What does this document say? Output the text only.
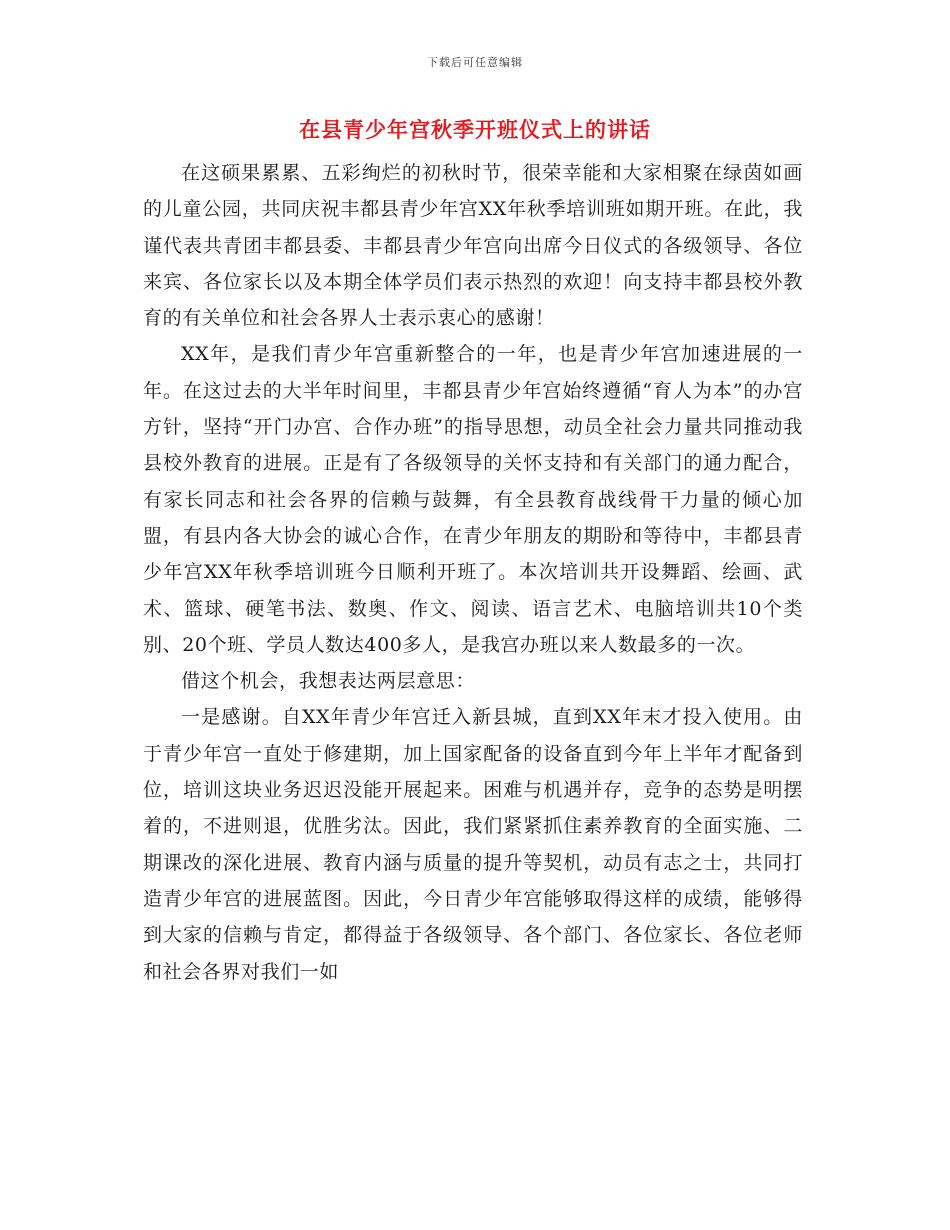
下载后可任意编辑
在县青少年宫秋季开班仪式上的讲话

在这硕果累累、五彩绚烂的初秋时节，很荣幸能和大家相聚在绿茵如画的儿童公园，共同庆祝丰都县青少年宫XX年秋季培训班如期开班。在此，我谨代表共青团丰都县委、丰都县青少年宫向出席今日仪式的各级领导、各位来宾、各位家长以及本期全体学员们表示热烈的欢迎！向支持丰都县校外教育的有关单位和社会各界人士表示衷心的感谢！

XX年，是我们青少年宫重新整合的一年，也是青少年宫加速进展的一年。在这过去的大半年时间里，丰都县青少年宫始终遵循“育人为本”的办宫方针，坚持“开门办宫、合作办班”的指导思想，动员全社会力量共同推动我县校外教育的进展。正是有了各级领导的关怀支持和有关部门的通力配合，有家长同志和社会各界的信赖与鼓舞，有全县教育战线骨干力量的倾心加盟，有县内各大协会的诚心合作，在青少年朋友的期盼和等待中，丰都县青少年宫XX年秋季培训班今日顺利开班了。本次培训共开设舞蹈、绘画、武术、篮球、硬笔书法、数奥、作文、阅读、语言艺术、电脑培训共10个类别、20个班、学员人数达400多人，是我宫办班以来人数最多的一次。

借这个机会，我想表达两层意思：

一是感谢。自XX年青少年宫迁入新县城，直到XX年末才投入使用。由于青少年宫一直处于修建期，加上国家配备的设备直到今年上半年才配备到位，培训这块业务迟迟没能开展起来。困难与机遇并存，竞争的态势是明摆着的，不进则退，优胜劣汰。因此，我们紧紧抓住素养教育的全面实施、二期课改的深化进展、教育内涵与质量的提升等契机，动员有志之士，共同打造青少年宫的进展蓝图。因此，今日青少年宫能够取得这样的成绩，能够得到大家的信赖与肯定，都得益于各级领导、各个部门、各位家长、各位老师和社会各界对我们一如
